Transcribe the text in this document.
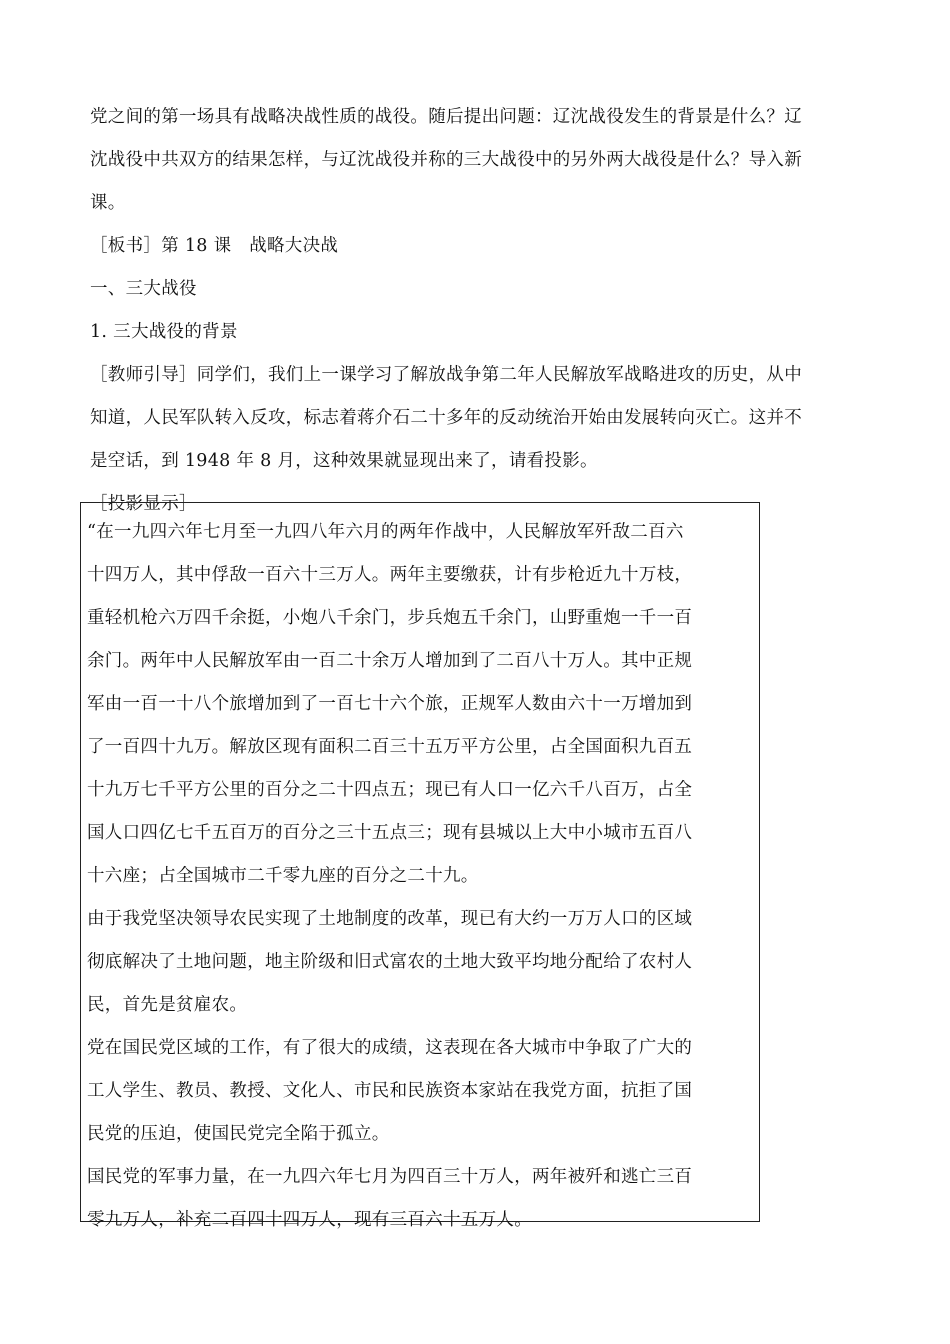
党之间的第一场具有战略决战性质的战役。随后提出问题：辽沈战役发生的背景是什么？辽
沈战役中共双方的结果怎样，与辽沈战役并称的三大战役中的另外两大战役是什么？导入新
课。
［板书］第 18 课　战略大决战
一、三大战役
1. 三大战役的背景
［教师引导］同学们，我们上一课学习了解放战争第二年人民解放军战略进攻的历史，从中
知道，人民军队转入反攻，标志着蒋介石二十多年的反动统治开始由发展转向灭亡。这并不
是空话，到 1948 年 8 月，这种效果就显现出来了，请看投影。
［投影显示］
“在一九四六年七月至一九四八年六月的两年作战中，人民解放军歼敌二百六
十四万人，其中俘敌一百六十三万人。两年主要缴获，计有步枪近九十万枝，
重轻机枪六万四千余挺，小炮八千余门，步兵炮五千余门，山野重炮一千一百
余门。两年中人民解放军由一百二十余万人增加到了二百八十万人。其中正规
军由一百一十八个旅增加到了一百七十六个旅，正规军人数由六十一万增加到
了一百四十九万。解放区现有面积二百三十五万平方公里，占全国面积九百五
十九万七千平方公里的百分之二十四点五；现已有人口一亿六千八百万，占全
国人口四亿七千五百万的百分之三十五点三；现有县城以上大中小城市五百八
十六座；占全国城市二千零九座的百分之二十九。
由于我党坚决领导农民实现了土地制度的改革，现已有大约一万万人口的区域
彻底解决了土地问题，地主阶级和旧式富农的土地大致平均地分配给了农村人
民，首先是贫雇农。
党在国民党区域的工作，有了很大的成绩，这表现在各大城市中争取了广大的
工人学生、教员、教授、文化人、市民和民族资本家站在我党方面，抗拒了国
民党的压迫，使国民党完全陷于孤立。
国民党的军事力量，在一九四六年七月为四百三十万人，两年被歼和逃亡三百
零九万人，补充二百四十四万人，现有三百六十五万人。
